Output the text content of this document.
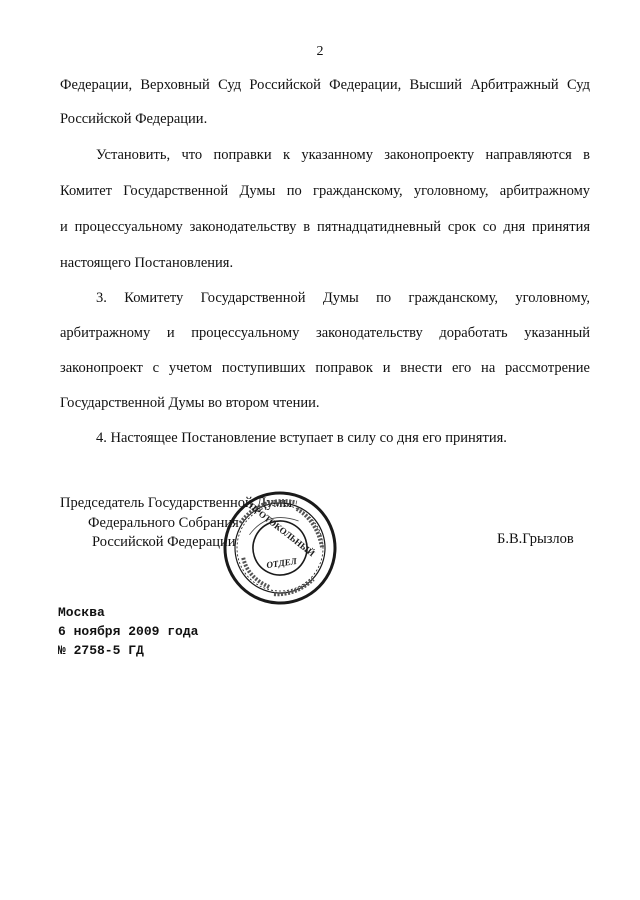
2
Федерации, Верховный Суд Российской Федерации, Высший Арбитражный Суд
Российской Федерации.
Установить, что поправки к указанному законопроекту направляются в
Комитет Государственной Думы по гражданскому, уголовному, арбитражному
и процессуальному законодательству в пятнадцатидневный срок со дня принятия
настоящего Постановления.
3. Комитету Государственной Думы по гражданскому, уголовному,
арбитражному и процессуальному законодательству доработать указанный
законопроект с учетом поступивших поправок и внести его на рассмотрение
Государственной Думы во втором чтении.
4. Настоящее Постановление вступает в силу со дня его принятия.
Председатель Государственной Думы
Федерального Собрания
Российской Федерации	Б.В.Грызлов
ПРОТОКОЛЬНЫЙ
ОТДЕЛ
Москва
6 ноября 2009 года
№ 2758-5 ГД
